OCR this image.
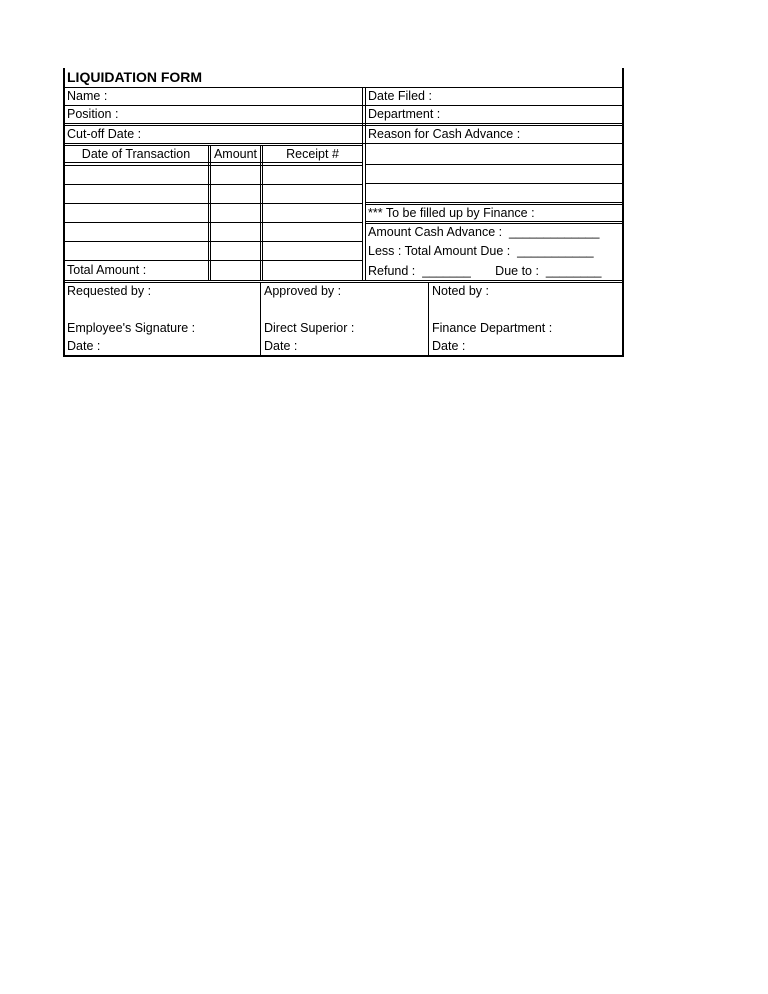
LIQUIDATION FORM
Name :
Position :
Cut-off Date :
Date Filed :
Department :
Reason for Cash Advance :
Date of Transaction	Amount	Receipt #
Total Amount :
*** To be filled up by Finance :
Amount Cash Advance :  _____________
Less : Total Amount Due :  ___________
Refund :  _______       Due to :  ________
Requested by :
Employee's Signature :
Date :
Approved by :
Direct Superior :
Date :
Noted by :
Finance Department :
Date :
